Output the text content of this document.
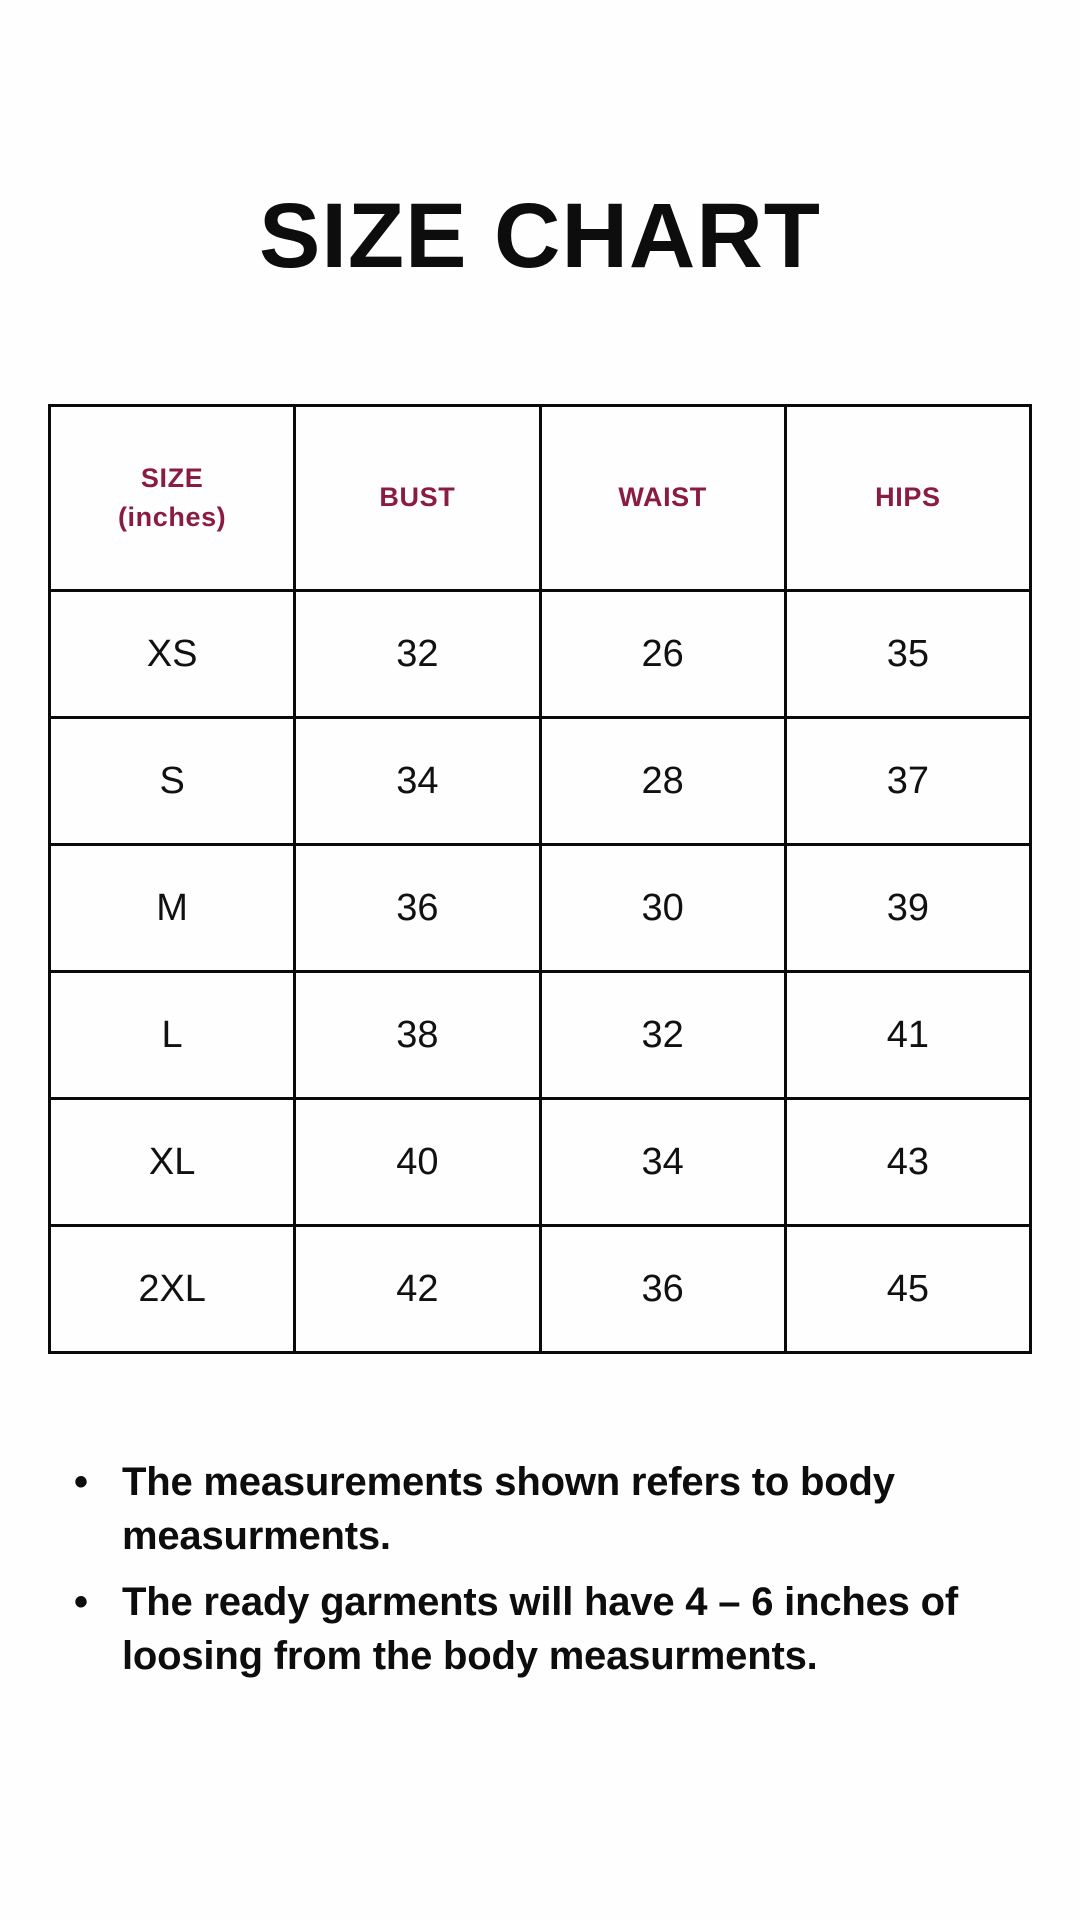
SIZE CHART
SIZE
(inches)	BUST	WAIST	HIPS
XS	32	26	35
S	34	28	37
M	36	30	39
L	38	32	41
XL	40	34	43
2XL	42	36	45
• The measurements shown refers to body measurments.
• The ready garments will have 4 – 6 inches of loosing from the body measurments.
